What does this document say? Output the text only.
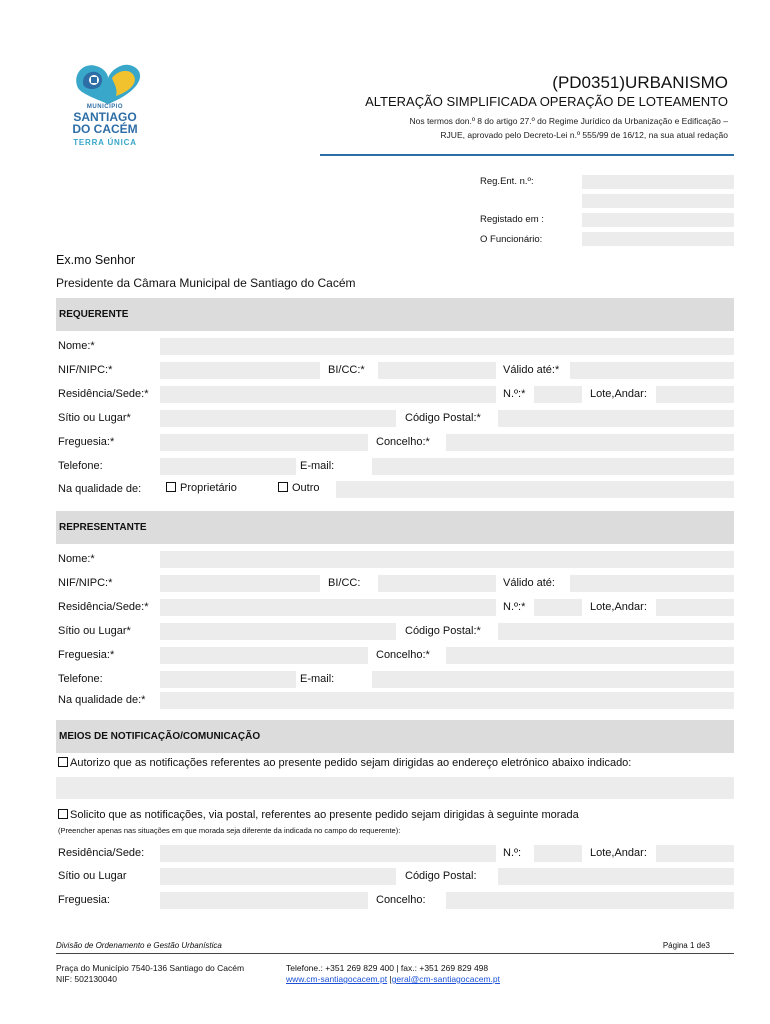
MUNICÍPIO
SANTIAGO
DO CACÉM
TERRA ÚNICA
(PD0351)URBANISMO
ALTERAÇÃO SIMPLIFICADA OPERAÇÃO DE LOTEAMENTO
Nos termos don.º 8 do artigo 27.º do Regime Jurídico da Urbanização e Edificação –
RJUE, aprovado pelo Decreto-Lei n.º 555/99 de 16/12, na sua atual redação
Reg.Ent. n.º:
Registado em :
O Funcionário:
Ex.mo Senhor
Presidente da Câmara Municipal de Santiago do Cacém
REQUERENTE
Nome:*
NIF/NIPC:*	BI/CC:*	Válido até:*
Residência/Sede:*	N.º:*	Lote,Andar:
Sítio ou Lugar*	Código Postal:*
Freguesia:*	Concelho:*
Telefone:	E-mail:
Na qualidade de:	Proprietário	Outro
REPRESENTANTE
Nome:*
NIF/NIPC:*	BI/CC:	Válido até:
Residência/Sede:*	N.º:*	Lote,Andar:
Sítio ou Lugar*	Código Postal:*
Freguesia:*	Concelho:*
Telefone:	E-mail:
Na qualidade de:*
MEIOS DE NOTIFICAÇÃO/COMUNICAÇÃO
Autorizo que as notificações referentes ao presente pedido sejam dirigidas ao endereço eletrónico abaixo indicado:
Solicito que as notificações, via postal, referentes ao presente pedido sejam dirigidas à seguinte morada
(Preencher apenas nas situações em que morada seja diferente da indicada no campo do requerente):
Residência/Sede:	N.º:	Lote,Andar:
Sítio ou Lugar	Código Postal:
Freguesia:	Concelho:
Divisão de Ordenamento e Gestão Urbanística	Página 1 de3
Praça do Município 7540-136 Santiago do Cacém
NIF: 502130040
Telefone.: +351 269 829 400 | fax.: +351 269 829 498
www.cm-santiagocacem.pt |geral@cm-santiagocacem.pt
